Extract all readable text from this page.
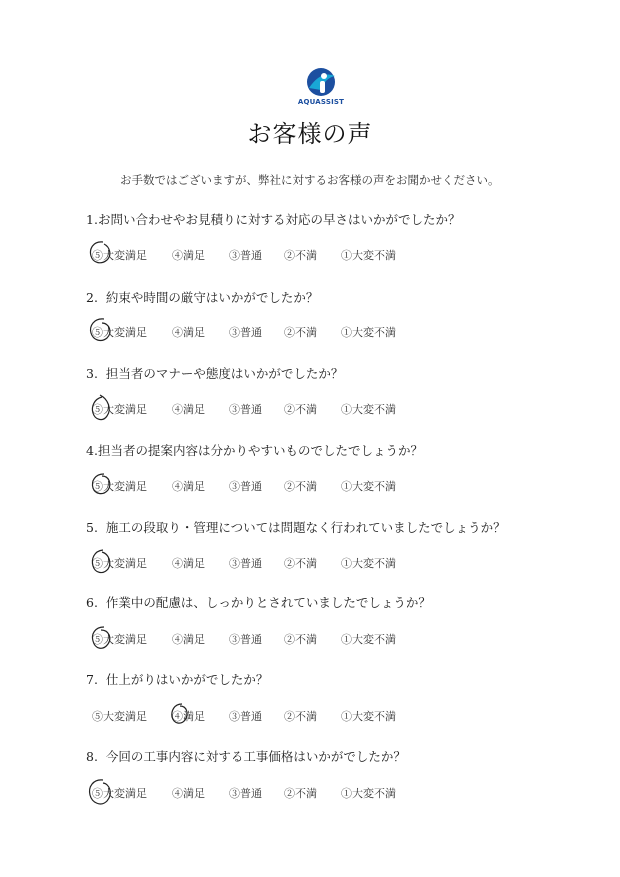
AQUASSIST
お客様の声
お手数ではございますが、弊社に対するお客様の声をお聞かせください。
1.お問い合わせやお見積りに対する対応の早さはいかがでしたか？
⑤大変満足 ④満足 ③普通 ②不満 ①大変不満
2. 約束や時間の厳守はいかがでしたか？
⑤大変満足 ④満足 ③普通 ②不満 ①大変不満
3. 担当者のマナーや態度はいかがでしたか？
⑤大変満足 ④満足 ③普通 ②不満 ①大変不満
4.担当者の提案内容は分かりやすいものでしたでしょうか？
⑤大変満足 ④満足 ③普通 ②不満 ①大変不満
5. 施工の段取り・管理については問題なく行われていましたでしょうか？
⑤大変満足 ④満足 ③普通 ②不満 ①大変不満
6. 作業中の配慮は、しっかりとされていましたでしょうか？
⑤大変満足 ④満足 ③普通 ②不満 ①大変不満
7. 仕上がりはいかがでしたか？
⑤大変満足 ④満足 ③普通 ②不満 ①大変不満
8. 今回の工事内容に対する工事価格はいかがでしたか？
⑤大変満足 ④満足 ③普通 ②不満 ①大変不満
